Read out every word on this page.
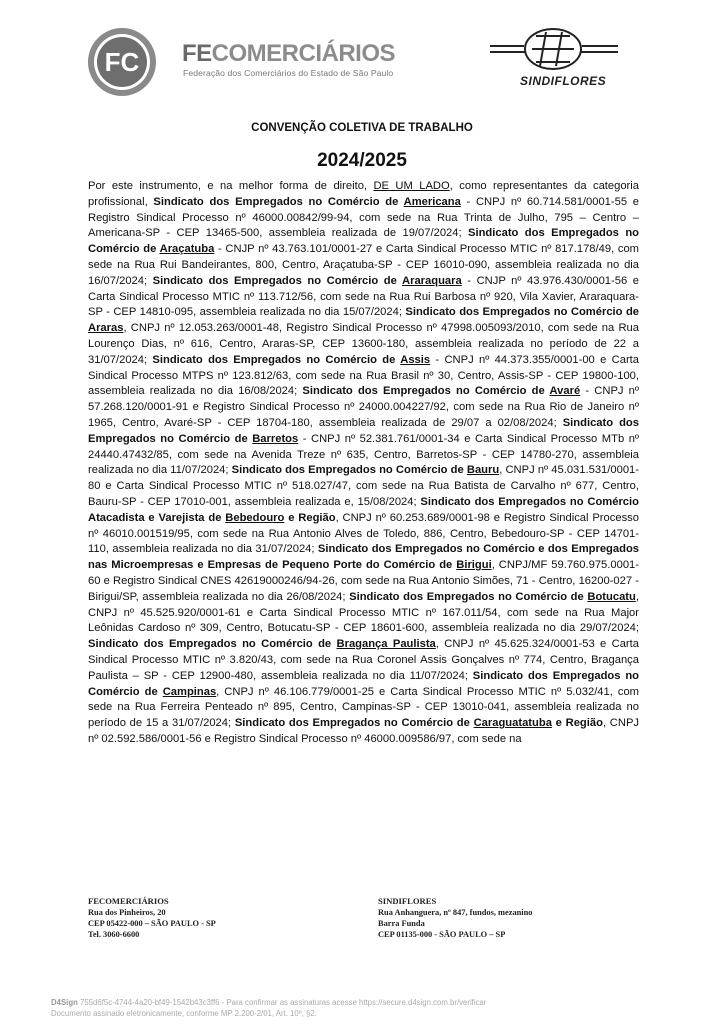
FC FECOMERCIÁRIOS
Federação dos Comerciários do Estado de São Paulo
SINDIFLORES
CONVENÇÃO COLETIVA DE TRABALHO
2024/2025
Por este instrumento, e na melhor forma de direito, DE UM LADO, como representantes da categoria profissional, Sindicato dos Empregados no Comércio de Americana - CNPJ nº 60.714.581/0001-55 e Registro Sindical Processo nº 46000.00842/99-94, com sede na Rua Trinta de Julho, 795 – Centro – Americana-SP - CEP 13465-500, assembleia realizada de 19/07/2024; Sindicato dos Empregados no Comércio de Araçatuba - CNJP nº 43.763.101/0001-27 e Carta Sindical Processo MTIC nº 817.178/49, com sede na Rua Rui Bandeirantes, 800, Centro, Araçatuba-SP - CEP 16010-090, assembleia realizada no dia 16/07/2024; Sindicato dos Empregados no Comércio de Araraquara - CNJP nº 43.976.430/0001-56 e Carta Sindical Processo MTIC nº 113.712/56, com sede na Rua Rui Barbosa nº 920, Vila Xavier, Araraquara-SP - CEP 14810-095, assembleia realizada no dia 15/07/2024; Sindicato dos Empregados no Comércio de Araras, CNPJ nº 12.053.263/0001-48, Registro Sindical Processo nº 47998.005093/2010, com sede na Rua Lourenço Dias, nº 616, Centro, Araras-SP, CEP 13600-180, assembleia realizada no período de 22 a 31/07/2024; Sindicato dos Empregados no Comércio de Assis - CNPJ nº 44.373.355/0001-00 e Carta Sindical Processo MTPS nº 123.812/63, com sede na Rua Brasil nº 30, Centro, Assis-SP - CEP 19800-100, assembleia realizada no dia 16/08/2024; Sindicato dos Empregados no Comércio de Avaré - CNPJ nº 57.268.120/0001-91 e Registro Sindical Processo nº 24000.004227/92, com sede na Rua Rio de Janeiro nº 1965, Centro, Avaré-SP - CEP 18704-180, assembleia realizada de 29/07 a 02/08/2024; Sindicato dos Empregados no Comércio de Barretos - CNPJ nº 52.381.761/0001-34 e Carta Sindical Processo MTb nº 24440.47432/85, com sede na Avenida Treze nº 635, Centro, Barretos-SP - CEP 14780-270, assembleia realizada no dia 11/07/2024; Sindicato dos Empregados no Comércio de Bauru, CNPJ nº 45.031.531/0001-80 e Carta Sindical Processo MTIC nº 518.027/47, com sede na Rua Batista de Carvalho nº 677, Centro, Bauru-SP - CEP 17010-001, assembleia realizada e, 15/08/2024; Sindicato dos Empregados no Comércio Atacadista e Varejista de Bebedouro e Região, CNPJ nº 60.253.689/0001-98 e Registro Sindical Processo nº 46010.001519/95, com sede na Rua Antonio Alves de Toledo, 886, Centro, Bebedouro-SP - CEP 14701-110, assembleia realizada no dia 31/07/2024; Sindicato dos Empregados no Comércio e dos Empregados nas Microempresas e Empresas de Pequeno Porte do Comércio de Birigui, CNPJ/MF 59.760.975.0001-60 e Registro Sindical CNES 42619000246/94-26, com sede na Rua Antonio Simões, 71 - Centro, 16200-027 - Birigui/SP, assembleia realizada no dia 26/08/2024; Sindicato dos Empregados no Comércio de Botucatu, CNPJ nº 45.525.920/0001-61 e Carta Sindical Processo MTIC nº 167.011/54, com sede na Rua Major Leônidas Cardoso nº 309, Centro, Botucatu-SP - CEP 18601-600, assembleia realizada no dia 29/07/2024; Sindicato dos Empregados no Comércio de Bragança Paulista, CNPJ nº 45.625.324/0001-53 e Carta Sindical Processo MTIC nº 3.820/43, com sede na Rua Coronel Assis Gonçalves nº 774, Centro, Bragança Paulista – SP - CEP 12900-480, assembleia realizada no dia 11/07/2024; Sindicato dos Empregados no Comércio de Campinas, CNPJ nº 46.106.779/0001-25 e Carta Sindical Processo MTIC nº 5.032/41, com sede na Rua Ferreira Penteado nº 895, Centro, Campinas-SP - CEP 13010-041, assembleia realizada no período de 15 a 31/07/2024; Sindicato dos Empregados no Comércio de Caraguatatuba e Região, CNPJ nº 02.592.586/0001-56 e Registro Sindical Processo nº 46000.009586/97, com sede na
FECOMERCIÁRIOS
Rua dos Pinheiros, 20
CEP 05422-000 – SÃO PAULO - SP
Tel. 3060-6600
SINDIFLORES
Rua Anhanguera, nº 847, fundos, mezanino
Barra Funda
CEP 01135-000 - SÃO PAULO – SP
D4Sign 755d6f5c-4744-4a20-bf49-1542b43c3ff6 - Para confirmar as assinaturas acesse https://secure.d4sign.com.br/verificar
Documento assinado eletronicamente, conforme MP 2.200-2/01, Art. 10º, §2.
